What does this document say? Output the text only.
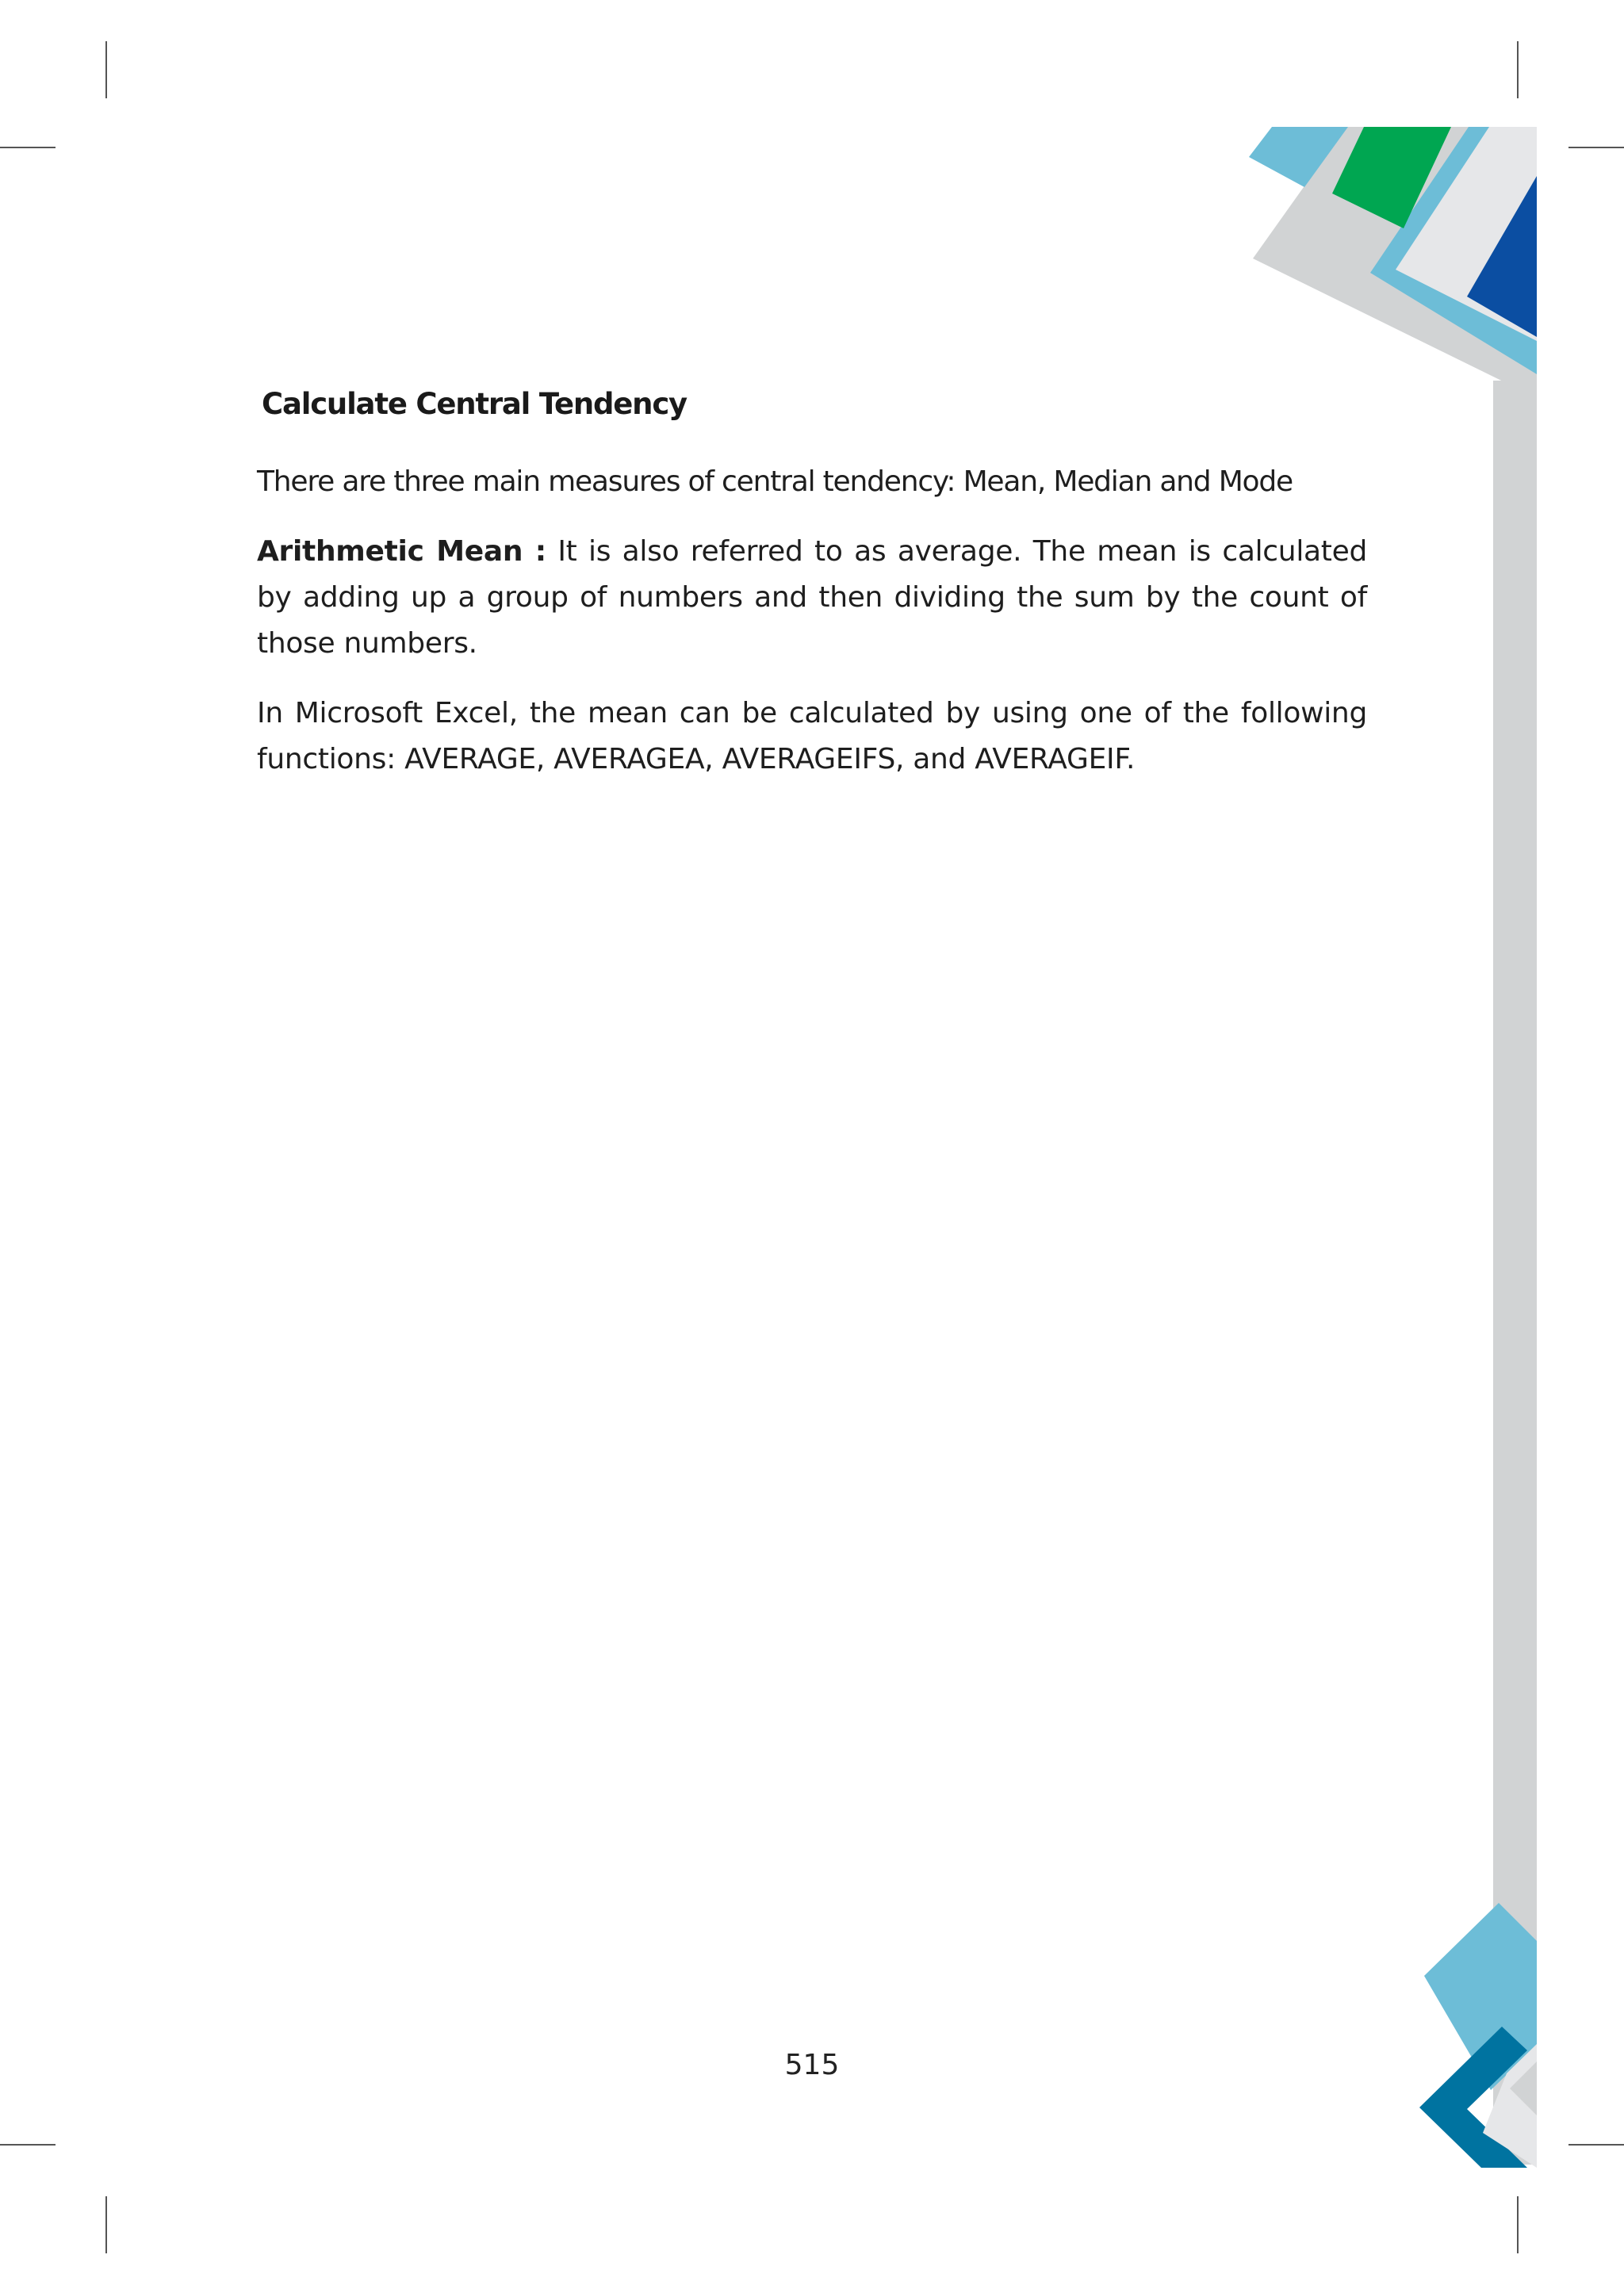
Calculate Central Tendency

There are three main measures of central tendency: Mean, Median and Mode

Arithmetic Mean : It is also referred to as average. The mean is calculated by adding up a group of numbers and then dividing the sum by the count of those numbers.

In Microsoft Excel, the mean can be calculated by using one of the following functions: AVERAGE, AVERAGEA, AVERAGEIFS, and AVERAGEIF.

515
